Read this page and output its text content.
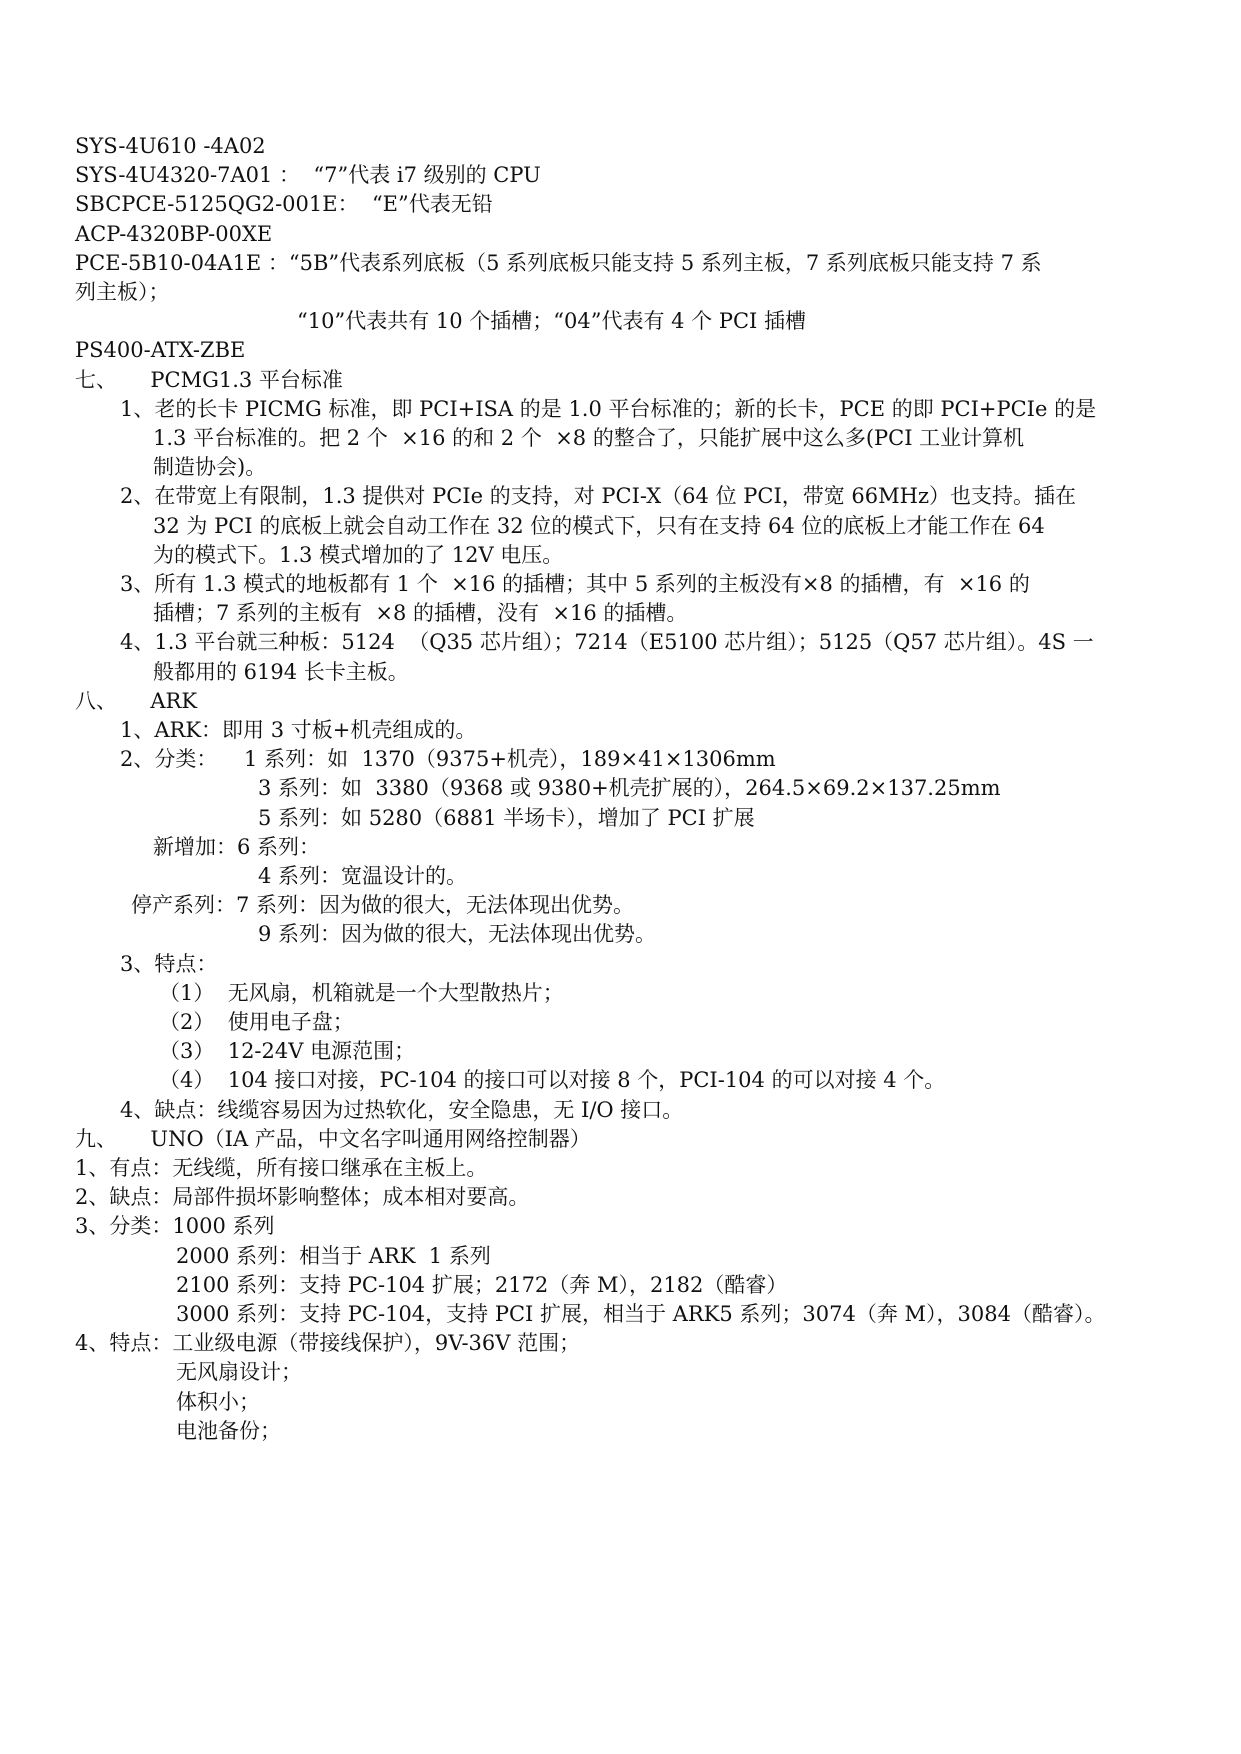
SYS-4U610 -4A02
SYS-4U4320-7A01 ：  “7”代表 i7 级别的 CPU
SBCPCE-5125QG2-001E：  “E”代表无铅
ACP-4320BP-00XE
PCE-5B10-04A1E ：“5B”代表系列底板（5 系列底板只能支持 5 系列主板，7 系列底板只能支持 7 系
列主板）；
“10”代表共有 10 个插槽；“04”代表有 4 个 PCI 插槽
PS400-ATX-ZBE
七、     PCMG1.3 平台标准
1、老的长卡 PICMG 标准，即 PCI+ISA 的是 1.0 平台标准的；新的长卡，PCE 的即 PCI+PCIe 的是
1.3 平台标准的。把 2 个  ×16 的和 2 个  ×8 的整合了，只能扩展中这么多(PCI 工业计算机
制造协会)。
2、在带宽上有限制，1.3 提供对 PCIe 的支持，对 PCI-X（64 位 PCI，带宽 66MHz）也支持。插在
32 为 PCI 的底板上就会自动工作在 32 位的模式下，只有在支持 64 位的底板上才能工作在 64
为的模式下。1.3 模式增加的了 12V 电压。
3、所有 1.3 模式的地板都有 1 个  ×16 的插槽；其中 5 系列的主板没有×8 的插槽，有  ×16 的
插槽；7 系列的主板有  ×8 的插槽，没有  ×16 的插槽。
4、1.3 平台就三种板：5124  （Q35 芯片组）；7214（E5100 芯片组）；5125（Q57 芯片组）。4S 一
般都用的 6194 长卡主板。
八、     ARK
1、ARK：即用 3 寸板+机壳组成的。
2、分类：    1 系列：如  1370（9375+机壳），189×41×1306mm
3 系列：如  3380（9368 或 9380+机壳扩展的），264.5×69.2×137.25mm
5 系列：如 5280（6881 半场卡），增加了 PCI 扩展
新增加：6 系列：
4 系列：宽温设计的。
停产系列：7 系列：因为做的很大，无法体现出优势。
9 系列：因为做的很大，无法体现出优势。
3、特点：
（1）  无风扇，机箱就是一个大型散热片；
（2）  使用电子盘；
（3）  12-24V 电源范围；
（4）  104 接口对接，PC-104 的接口可以对接 8 个，PCI-104 的可以对接 4 个。
4、缺点：线缆容易因为过热软化，安全隐患，无 I/O 接口。
九、     UNO（IA 产品，中文名字叫通用网络控制器）
1、有点：无线缆，所有接口继承在主板上。
2、缺点：局部件损坏影响整体；成本相对要高。
3、分类：1000 系列
2000 系列：相当于 ARK  1 系列
2100 系列：支持 PC-104 扩展；2172（奔 M），2182（酷睿）
3000 系列：支持 PC-104，支持 PCI 扩展，相当于 ARK5 系列；3074（奔 M），3084（酷睿）。
4、特点：工业级电源（带接线保护），9V-36V 范围；
无风扇设计；
体积小；
电池备份；
